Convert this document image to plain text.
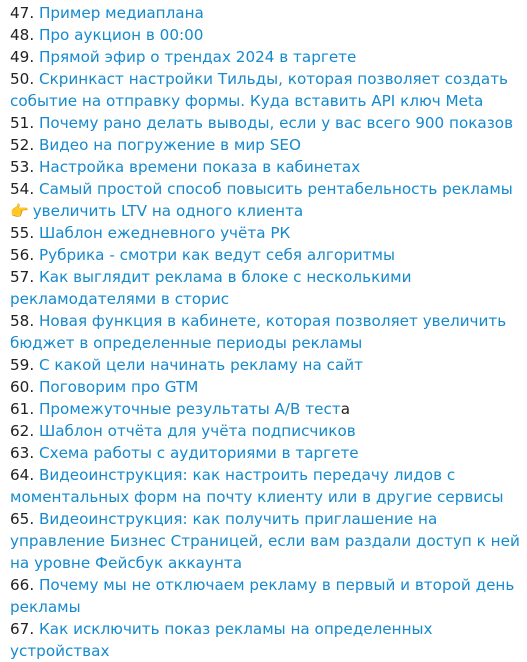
47. Пример медиаплана
48. Про аукцион в 00:00
49. Прямой эфир о трендах 2024 в таргете
50. Скринкаст настройки Тильды, которая позволяет создать событие на отправку формы. Куда вставить API ключ Meta
51. Почему рано делать выводы, если у вас всего 900 показов
52. Видео на погружение в мир SEO
53. Настройка времени показа в кабинетах
54. Самый простой способ повысить рентабельность рекламы
👉 увеличить LTV на одного клиента
55. Шаблон ежедневного учёта РК
56. Рубрика - смотри как ведут себя алгоритмы
57. Как выглядит реклама в блоке с несколькими рекламодателями в сторис
58. Новая функция в кабинете, которая позволяет увеличить бюджет в определенные периоды рекламы
59. С какой цели начинать рекламу на сайт
60. Поговорим про GTM
61. Промежуточные результаты А/В теста
62. Шаблон отчёта для учёта подписчиков
63. Схема работы с аудиториями в таргете
64. Видеоинструкция: как настроить передачу лидов с моментальных форм на почту клиенту или в другие сервисы
65. Видеоинструкция: как получить приглашение на управление Бизнес Страницей, если вам раздали доступ к ней на уровне Фейсбук аккаунта
66. Почему мы не отключаем рекламу в первый и второй день рекламы
67. Как исключить показ рекламы на определенных устройствах
